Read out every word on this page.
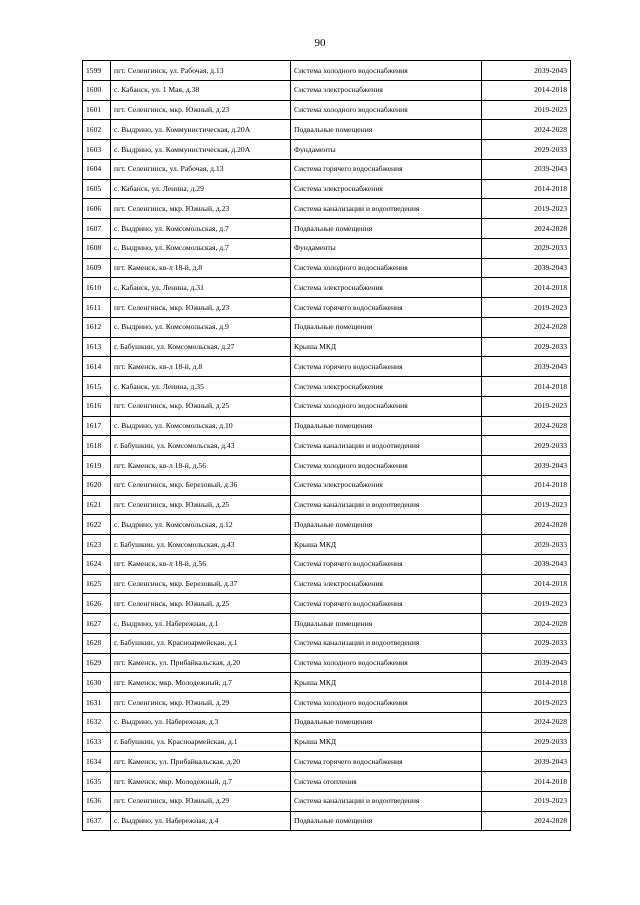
90
1599	пгт. Селенгинск, ул. Рабочая, д.13	Система холодного водоснабжения	2039-2043
1600	с. Кабанск, ул. 1 Мая, д.38	Система электроснабжения	2014-2018
1601	пгт. Селенгинск, мкр. Южный, д.23	Система холодного водоснабжения	2019-2023
1602	с. Выдрино, ул. Коммунистическая, д.20А	Подвальные помещения	2024-2028
1603	с. Выдрино, ул. Коммунистическая, д.20А	Фундаменты	2029-2033
1604	пгт. Селенгинск, ул. Рабочая, д.13	Система горячего водоснабжения	2039-2043
1605	с. Кабанск, ул. Ленина, д.29	Система электроснабжения	2014-2018
1606	пгт. Селенгинск, мкр. Южный, д.23	Система канализации и водоотведения	2019-2023
1607	с. Выдрино, ул. Комсомольская, д.7	Подвальные помещения	2024-2028
1608	с. Выдрино, ул. Комсомольская, д.7	Фундаменты	2029-2033
1609	пгт. Каменск, кв-л 18-й, д.8	Система холодного водоснабжения	2039-2043
1610	с. Кабанск, ул. Ленина, д.31	Система электроснабжения	2014-2018
1611	пгт. Селенгинск, мкр. Южный, д.23	Система горячего водоснабжения	2019-2023
1612	с. Выдрино, ул. Комсомольская, д.9	Подвальные помещения	2024-2028
1613	г. Бабушкин, ул. Комсомольская, д.27	Крыша МКД	2029-2033
1614	пгт. Каменск, кв-л 18-й, д.8	Система горячего водоснабжения	2039-2043
1615	с. Кабанск, ул. Ленина, д.35	Система электроснабжения	2014-2018
1616	пгт. Селенгинск, мкр. Южный, д.25	Система холодного водоснабжения	2019-2023
1617	с. Выдрино, ул. Комсомольская, д.10	Подвальные помещения	2024-2028
1618	г. Бабушкин, ул. Комсомольская, д.43	Система канализации и водоотведения	2029-2033
1619	пгт. Каменск, кв-л 18-й, д.56	Система холодного водоснабжения	2039-2043
1620	пгт. Селенгинск, мкр. Березовый, д.36	Система электроснабжения	2014-2018
1621	пгт. Селенгинск, мкр. Южный, д.25	Система канализации и водоотведения	2019-2023
1622	с. Выдрино, ул. Комсомольская, д.12	Подвальные помещения	2024-2028
1623	г. Бабушкин, ул. Комсомольская, д.43	Крыша МКД	2029-2033
1624	пгт. Каменск, кв-л 18-й, д.56	Система горячего водоснабжения	2039-2043
1625	пгт. Селенгинск, мкр. Березовый, д.37	Система электроснабжения	2014-2018
1626	пгт. Селенгинск, мкр. Южный, д.25	Система горячего водоснабжения	2019-2023
1627	с. Выдрино, ул. Набережная, д.1	Подвальные помещения	2024-2028
1628	г. Бабушкин, ул. Красноармейская, д.1	Система канализации и водоотведения	2029-2033
1629	пгт. Каменск, ул. Прибайкальская, д.20	Система холодного водоснабжения	2039-2043
1630	пгт. Каменск, мкр. Молодежный, д.7	Крыша МКД	2014-2018
1631	пгт. Селенгинск, мкр. Южный, д.29	Система холодного водоснабжения	2019-2023
1632	с. Выдрино, ул. Набережная, д.3	Подвальные помещения	2024-2028
1633	г. Бабушкин, ул. Красноармейская, д.1	Крыша МКД	2029-2033
1634	пгт. Каменск, ул. Прибайкальская, д.20	Система горячего водоснабжения	2039-2043
1635	пгт. Каменск, мкр. Молодежный, д.7	Система отопления	2014-2018
1636	пгт. Селенгинск, мкр. Южный, д.29	Система канализации и водоотведения	2019-2023
1637	с. Выдрино, ул. Набережная, д.4	Подвальные помещения	2024-2028
